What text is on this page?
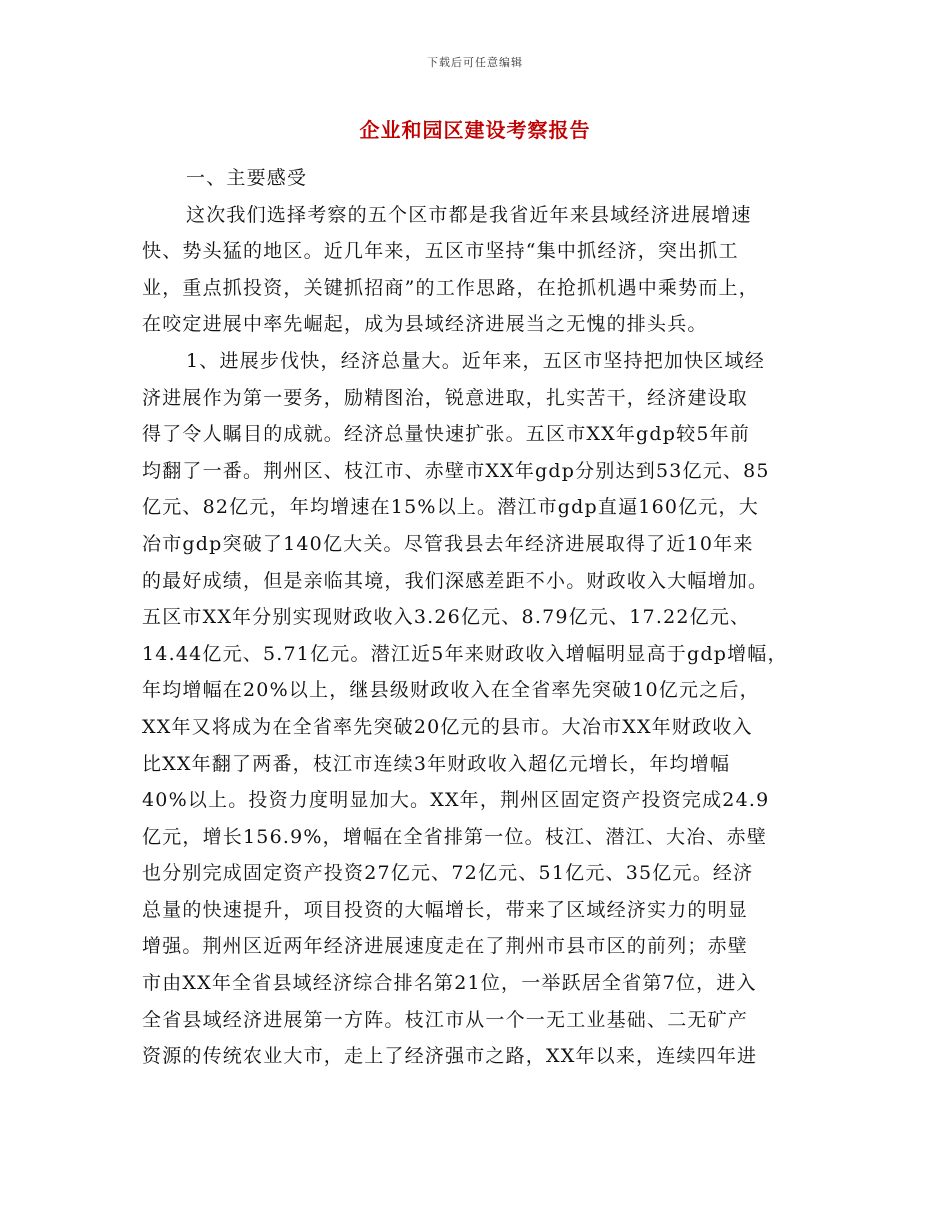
下载后可任意编辑
企业和园区建设考察报告
一、主要感受
这次我们选择考察的五个区市都是我省近年来县域经济进展增速
快、势头猛的地区。近几年来，五区市坚持“集中抓经济，突出抓工
业，重点抓投资，关键抓招商”的工作思路，在抢抓机遇中乘势而上，
在咬定进展中率先崛起，成为县域经济进展当之无愧的排头兵。
1、进展步伐快，经济总量大。近年来，五区市坚持把加快区域经
济进展作为第一要务，励精图治，锐意进取，扎实苦干，经济建设取
得了令人瞩目的成就。经济总量快速扩张。五区市XX年gdp较5年前
均翻了一番。荆州区、枝江市、赤壁市XX年gdp分别达到53亿元、85
亿元、82亿元，年均增速在15%以上。潜江市gdp直逼160亿元，大
冶市gdp突破了140亿大关。尽管我县去年经济进展取得了近10年来
的最好成绩，但是亲临其境，我们深感差距不小。财政收入大幅增加。
五区市XX年分别实现财政收入3.26亿元、8.79亿元、17.22亿元、
14.44亿元、5.71亿元。潜江近5年来财政收入增幅明显高于gdp增幅，
年均增幅在20%以上，继县级财政收入在全省率先突破10亿元之后，
XX年又将成为在全省率先突破20亿元的县市。大冶市XX年财政收入
比XX年翻了两番，枝江市连续3年财政收入超亿元增长，年均增幅
40%以上。投资力度明显加大。XX年，荆州区固定资产投资完成24.9
亿元，增长156.9%，增幅在全省排第一位。枝江、潜江、大冶、赤壁
也分别完成固定资产投资27亿元、72亿元、51亿元、35亿元。经济
总量的快速提升，项目投资的大幅增长，带来了区域经济实力的明显
增强。荆州区近两年经济进展速度走在了荆州市县市区的前列；赤壁
市由XX年全省县域经济综合排名第21位，一举跃居全省第7位，进入
全省县域经济进展第一方阵。枝江市从一个一无工业基础、二无矿产
资源的传统农业大市，走上了经济强市之路，XX年以来，连续四年进
